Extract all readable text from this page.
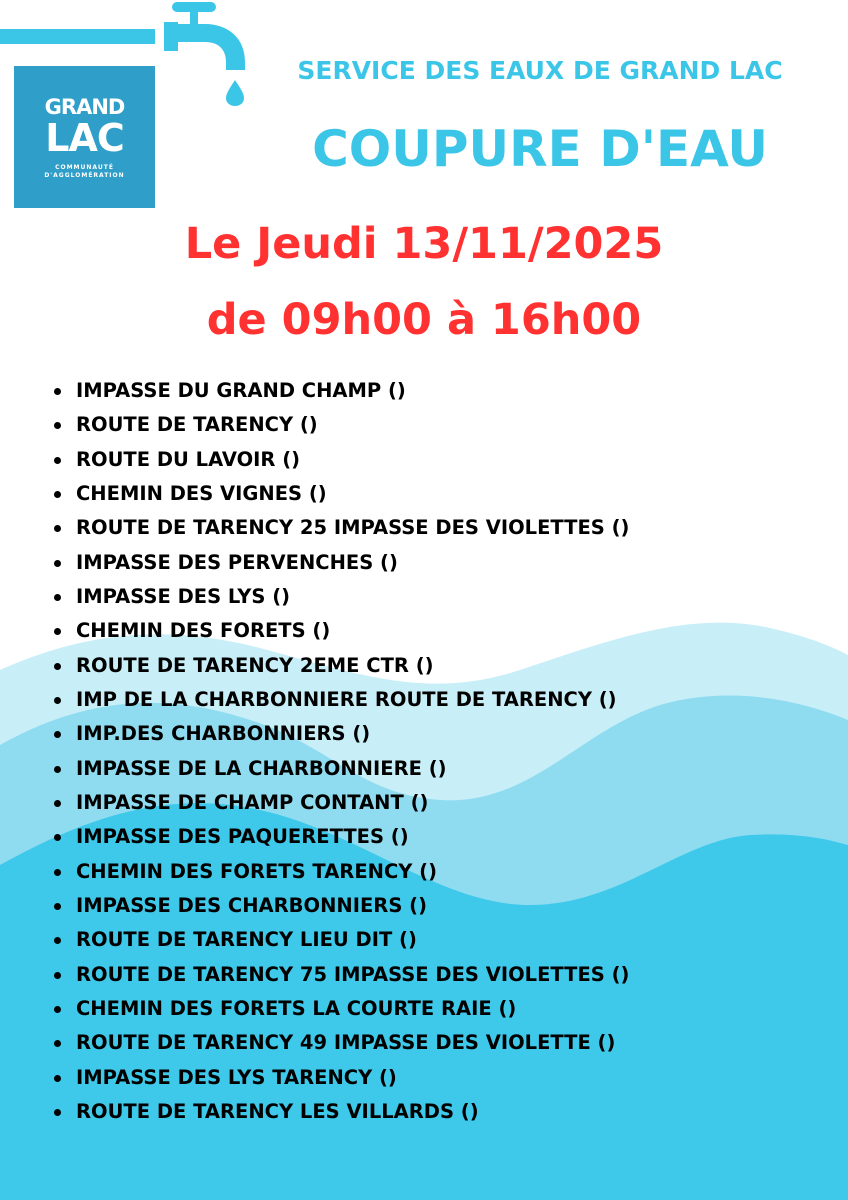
GRAND
LAC
COMMUNAUTÉ
D'AGGLOMÉRATION
SERVICE DES EAUX DE GRAND LAC
COUPURE D'EAU
Le Jeudi 13/11/2025
de 09h00 à 16h00
IMPASSE DU GRAND CHAMP ()
ROUTE DE TARENCY ()
ROUTE DU LAVOIR ()
CHEMIN DES VIGNES ()
ROUTE DE TARENCY 25 IMPASSE DES VIOLETTES ()
IMPASSE DES PERVENCHES ()
IMPASSE DES LYS ()
CHEMIN DES FORETS ()
ROUTE DE TARENCY 2EME CTR ()
IMP DE LA CHARBONNIERE ROUTE DE TARENCY ()
IMP.DES CHARBONNIERS ()
IMPASSE DE LA CHARBONNIERE ()
IMPASSE DE CHAMP CONTANT ()
IMPASSE DES PAQUERETTES ()
CHEMIN DES FORETS TARENCY ()
IMPASSE DES CHARBONNIERS ()
ROUTE DE TARENCY LIEU DIT ()
ROUTE DE TARENCY 75 IMPASSE DES VIOLETTES ()
CHEMIN DES FORETS LA COURTE RAIE ()
ROUTE DE TARENCY 49 IMPASSE DES VIOLETTE ()
IMPASSE DES LYS TARENCY ()
ROUTE DE TARENCY LES VILLARDS ()
